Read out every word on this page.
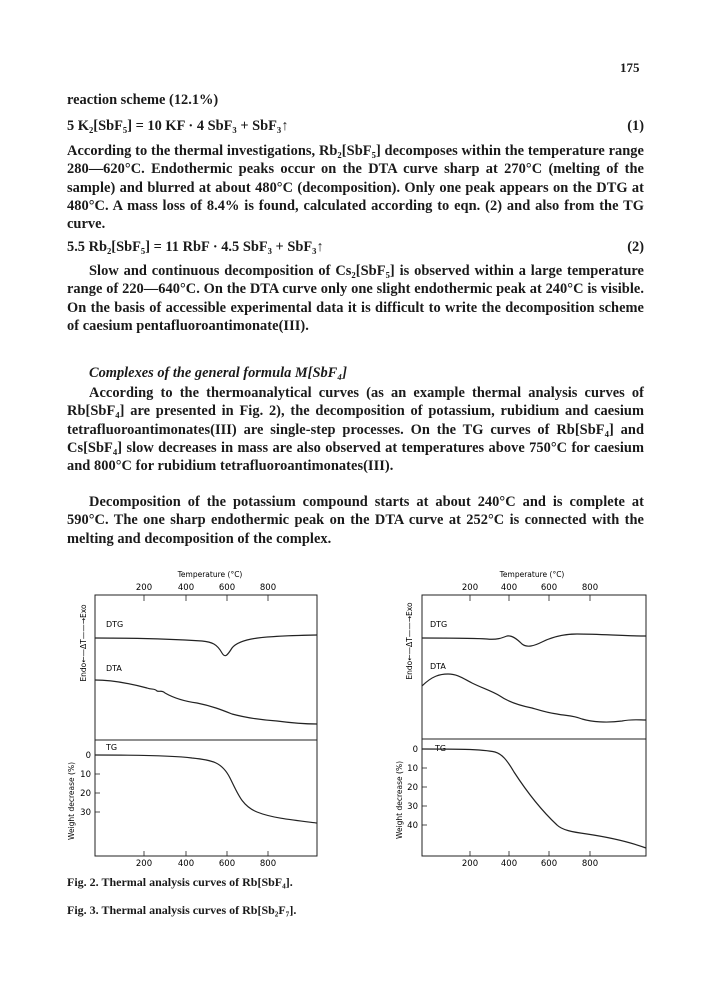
175
reaction scheme (12.1%)
5 K₂[SbF₅] = 10 KF · 4 SbF₃ + SbF₃↑	(1)
According to the thermal investigations, Rb₂[SbF₅] decomposes within the temperature range 280—620°C. Endothermic peaks occur on the DTA curve sharp at 270°C (melting of the sample) and blurred at about 480°C (decomposition). Only one peak appears on the DTG at 480°C. A mass loss of 8.4% is found, calculated according to eqn. (2) and also from the TG curve.
5.5 Rb₂[SbF₅] = 11 RbF · 4.5 SbF₃ + SbF₃↑	(2)
Slow and continuous decomposition of Cs₂[SbF₅] is observed within a large temperature range of 220—640°C. On the DTA curve only one slight endothermic peak at 240°C is visible. On the basis of accessible experimental data it is difficult to write the decomposition scheme of caesium pentafluoroantimonate(III).
Complexes of the general formula M[SbF₄]
According to the thermoanalytical curves (as an example thermal analysis curves of Rb[SbF₄] are presented in Fig. 2), the decomposition of potassium, rubidium and caesium tetrafluoroantimonates(III) are single-step processes. On the TG curves of Rb[SbF₄] and Cs[SbF₄] slow decreases in mass are also observed at temperatures above 750°C for caesium and 800°C for rubidium tetrafluoroantimonates(III).
Decomposition of the potassium compound starts at about 240°C and is complete at 590°C. The one sharp endothermic peak on the DTA curve at 252°C is connected with the melting and decomposition of the complex.
Temperature (°C)
200	400	600	800
DTG
DTA
TG
Endo←—ΔT——→Exo
Weight decrease (%)
0
10
20
30
200	400	600	800
Temperature (°C)
200	400	600	800
DTG
DTA
TG
Endo←—ΔT——→Exo
Weight decrease (%)
0
10
20
30
40
200	400	600	800
Fig. 2. Thermal analysis curves of Rb[SbF₄].
Fig. 3. Thermal analysis curves of Rb[Sb₂F₇].
